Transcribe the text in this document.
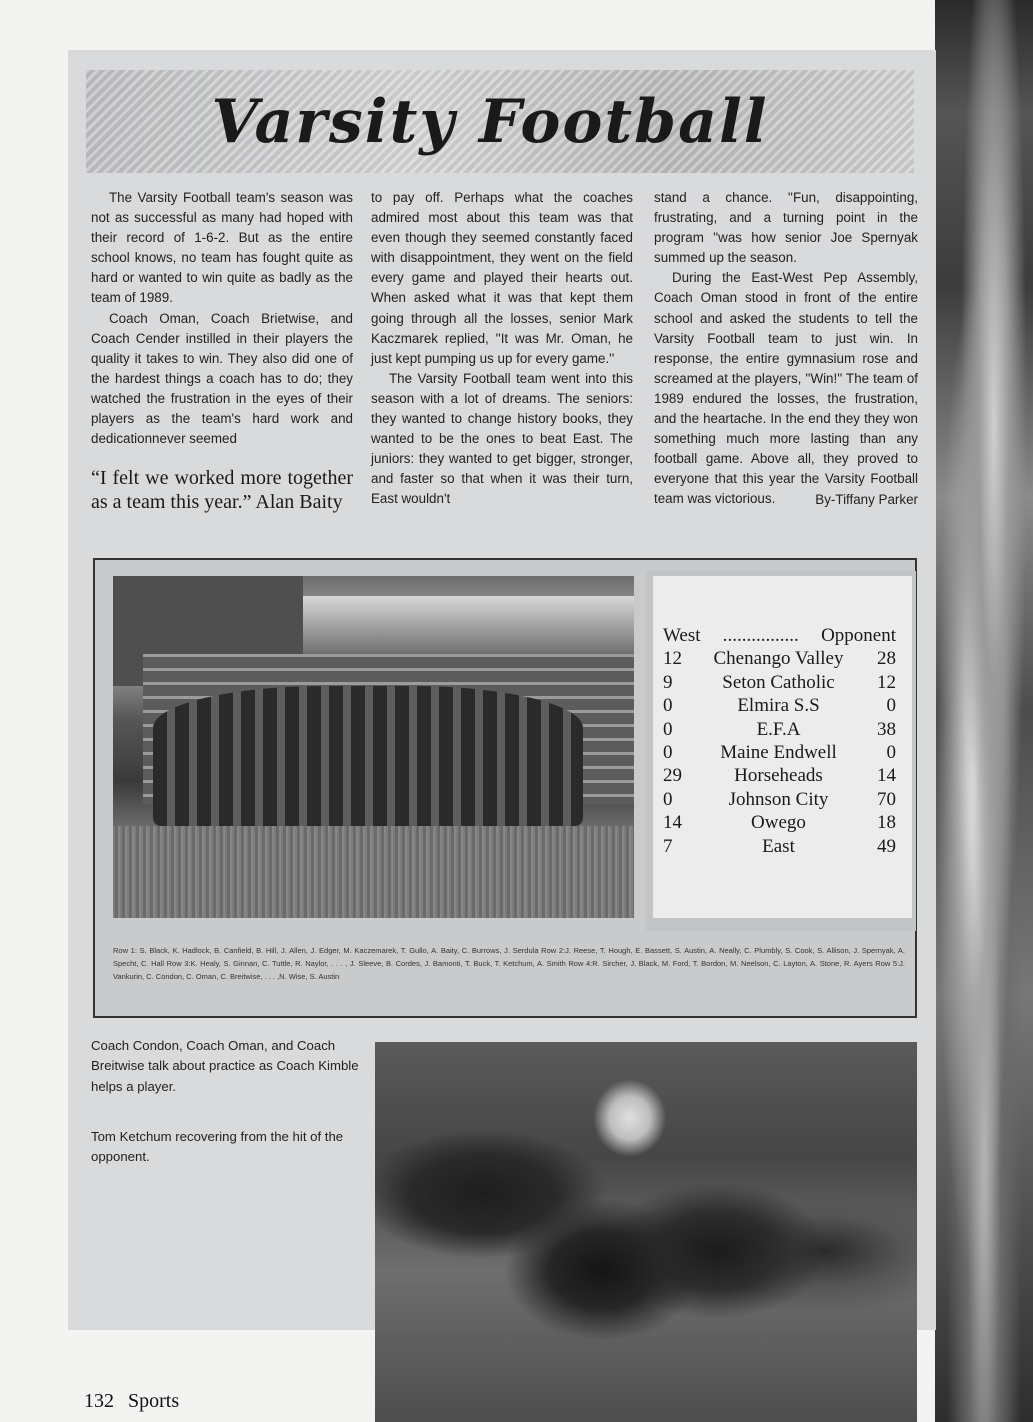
Varsity Football

The Varsity Football team's season was not as successful as many had hoped with their record of 1-6-2. But as the entire school knows, no team has fought quite as hard or wanted to win quite as badly as the team of 1989.

Coach Oman, Coach Brietwise, and Coach Cender instilled in their players the quality it takes to win. They also did one of the hardest things a coach has to do; they watched the frustration in the eyes of their players as the team's hard work and dedicationnever seemed

“I felt we worked more together as a team this year.” Alan Baity

to pay off. Perhaps what the coaches admired most about this team was that even though they seemed constantly faced with disappointment, they went on the field every game and played their hearts out. When asked what it was that kept them going through all the losses, senior Mark Kaczmarek replied, ''It was Mr. Oman, he just kept pumping us up for every game.''

The Varsity Football team went into this season with a lot of dreams. The seniors: they wanted to change history books, they wanted to be the ones to beat East. The juniors: they wanted to get bigger, stronger, and faster so that when it was their turn, East wouldn't

stand a chance. ''Fun, disappointing, frustrating, and a turning point in the program ''was how senior Joe Spernyak summed up the season.

During the East-West Pep Assembly, Coach Oman stood in front of the entire school and asked the students to tell the Varsity Football team to just win. In response, the entire gymnasium rose and screamed at the players, ''Win!'' The team of 1989 endured the losses, the frustration, and the heartache. In the end they they won something much more lasting than any football game. Above all, they proved to everyone that this year the Varsity Football team was victorious.	By-Tiffany Parker
West ................ Opponent
12	Chenango Valley	28
9	Seton Catholic	12
0	Elmira S.S	0
0	E.F.A	38
0	Maine Endwell	0
29	Horseheads	14
0	Johnson City	70
14	Owego	18
7	East	49
Row 1: S. Black, K. Hadlock, B. Canfield, B. Hill, J. Allen, J. Edger, M. Kaczemarek, T. Gullo, A. Baity, C. Burrows, J. Serdula Row 2:J. Reese, T. Hough, E. Bassett, S. Austin, A. Neally, C. Plumbly, S. Cook, S. Allison, J. Spernyak, A. Specht, C. Hall Row 3:K. Healy, S. Ginnan, C. Tuttle, R. Naylor, . . . , J. Sleeve, B. Cordes, J. Bamonti, T. Buck, T. Ketchum, A. Smith Row 4:R. Sircher, J. Black, M. Ford, T. Bordon, M. Neelson, C. Layton, A. Stone, R. Ayers Row 5:J. Vankurin, C. Condon, C. Oman, C. Breitwise, . . . ,N. Wise, S. Austin
Coach Condon, Coach Oman, and Coach Breitwise talk about practice as Coach Kimble helps a player.
Tom Ketchum recovering from the hit of the opponent.
132 Sports
